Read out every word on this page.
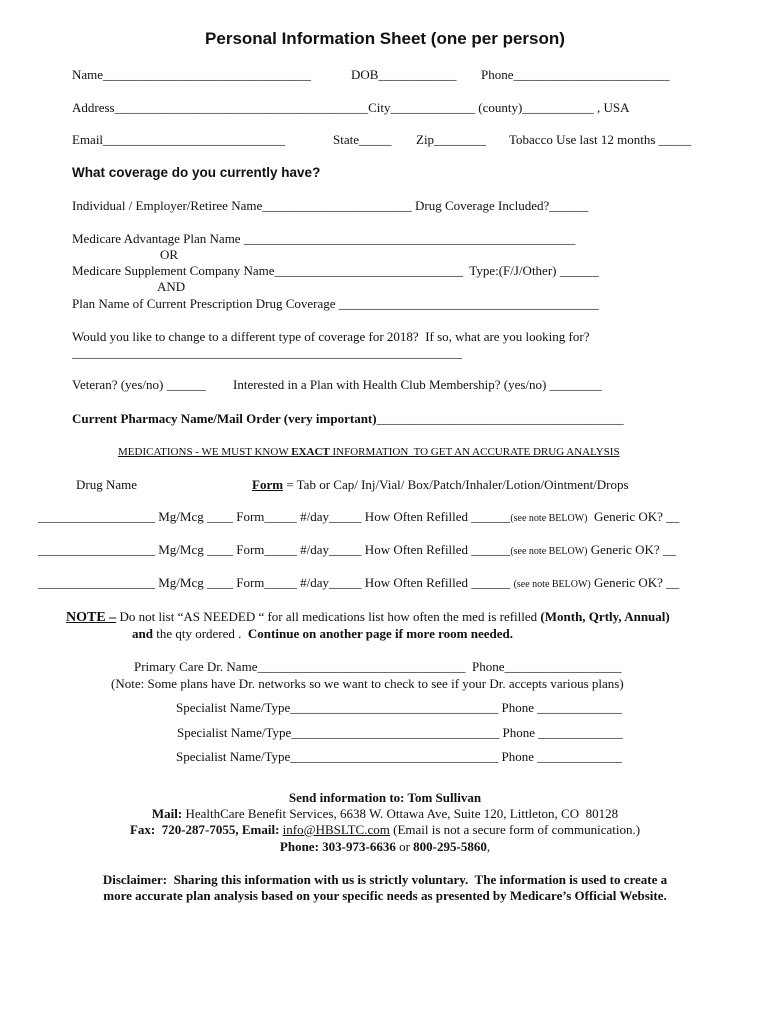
Personal Information Sheet (one per person)
Name________________________________	DOB____________ Phone________________________
Address_______________________________________City_____________ (county)___________ , USA
Email____________________________	State_____ Zip________ Tobacco Use last 12 months _____
What coverage do you currently have?
Individual / Employer/Retiree Name_______________________ Drug Coverage Included?______
Medicare Advantage Plan Name ___________________________________________________
OR
Medicare Supplement Company Name_____________________________  Type:(F/J/Other) ______
AND
Plan Name of Current Prescription Drug Coverage ________________________________________
Would you like to change to a different type of coverage for 2018?  If so, what are you looking for?
____________________________________________________________
Veteran? (yes/no) ______ Interested in a Plan with Health Club Membership? (yes/no) ________
Current Pharmacy Name/Mail Order (very important)______________________________________
MEDICATIONS - WE MUST KNOW EXACT INFORMATION  TO GET AN ACCURATE DRUG ANALYSIS
Drug Name	Form = Tab or Cap/ Inj/Vial/ Box/Patch/Inhaler/Lotion/Ointment/Drops
__________________ Mg/Mcg ____ Form_____ #/day_____ How Often Refilled ______(see note BELOW)  Generic OK? __
__________________ Mg/Mcg ____ Form_____ #/day_____ How Often Refilled ______(see note BELOW) Generic OK? __
__________________ Mg/Mcg ____ Form_____ #/day_____ How Often Refilled ______ (see note BELOW) Generic OK? __
NOTE – Do not list “AS NEEDED “ for all medications list how often the med is refilled (Month, Qrtly, Annual)
and the qty ordered .  Continue on another page if more room needed.
Primary Care Dr. Name________________________________  Phone__________________
(Note: Some plans have Dr. networks so we want to check to see if your Dr. accepts various plans)
Specialist Name/Type________________________________ Phone _____________
Specialist Name/Type________________________________ Phone _____________
Specialist Name/Type________________________________ Phone _____________
Send information to: Tom Sullivan
Mail: HealthCare Benefit Services, 6638 W. Ottawa Ave, Suite 120, Littleton, CO  80128
Fax:  720-287-7055, Email: info@HBSLTC.com (Email is not a secure form of communication.)
Phone: 303-973-6636 or 800-295-5860,
Disclaimer:  Sharing this information with us is strictly voluntary.  The information is used to create a
more accurate plan analysis based on your specific needs as presented by Medicare’s Official Website.
